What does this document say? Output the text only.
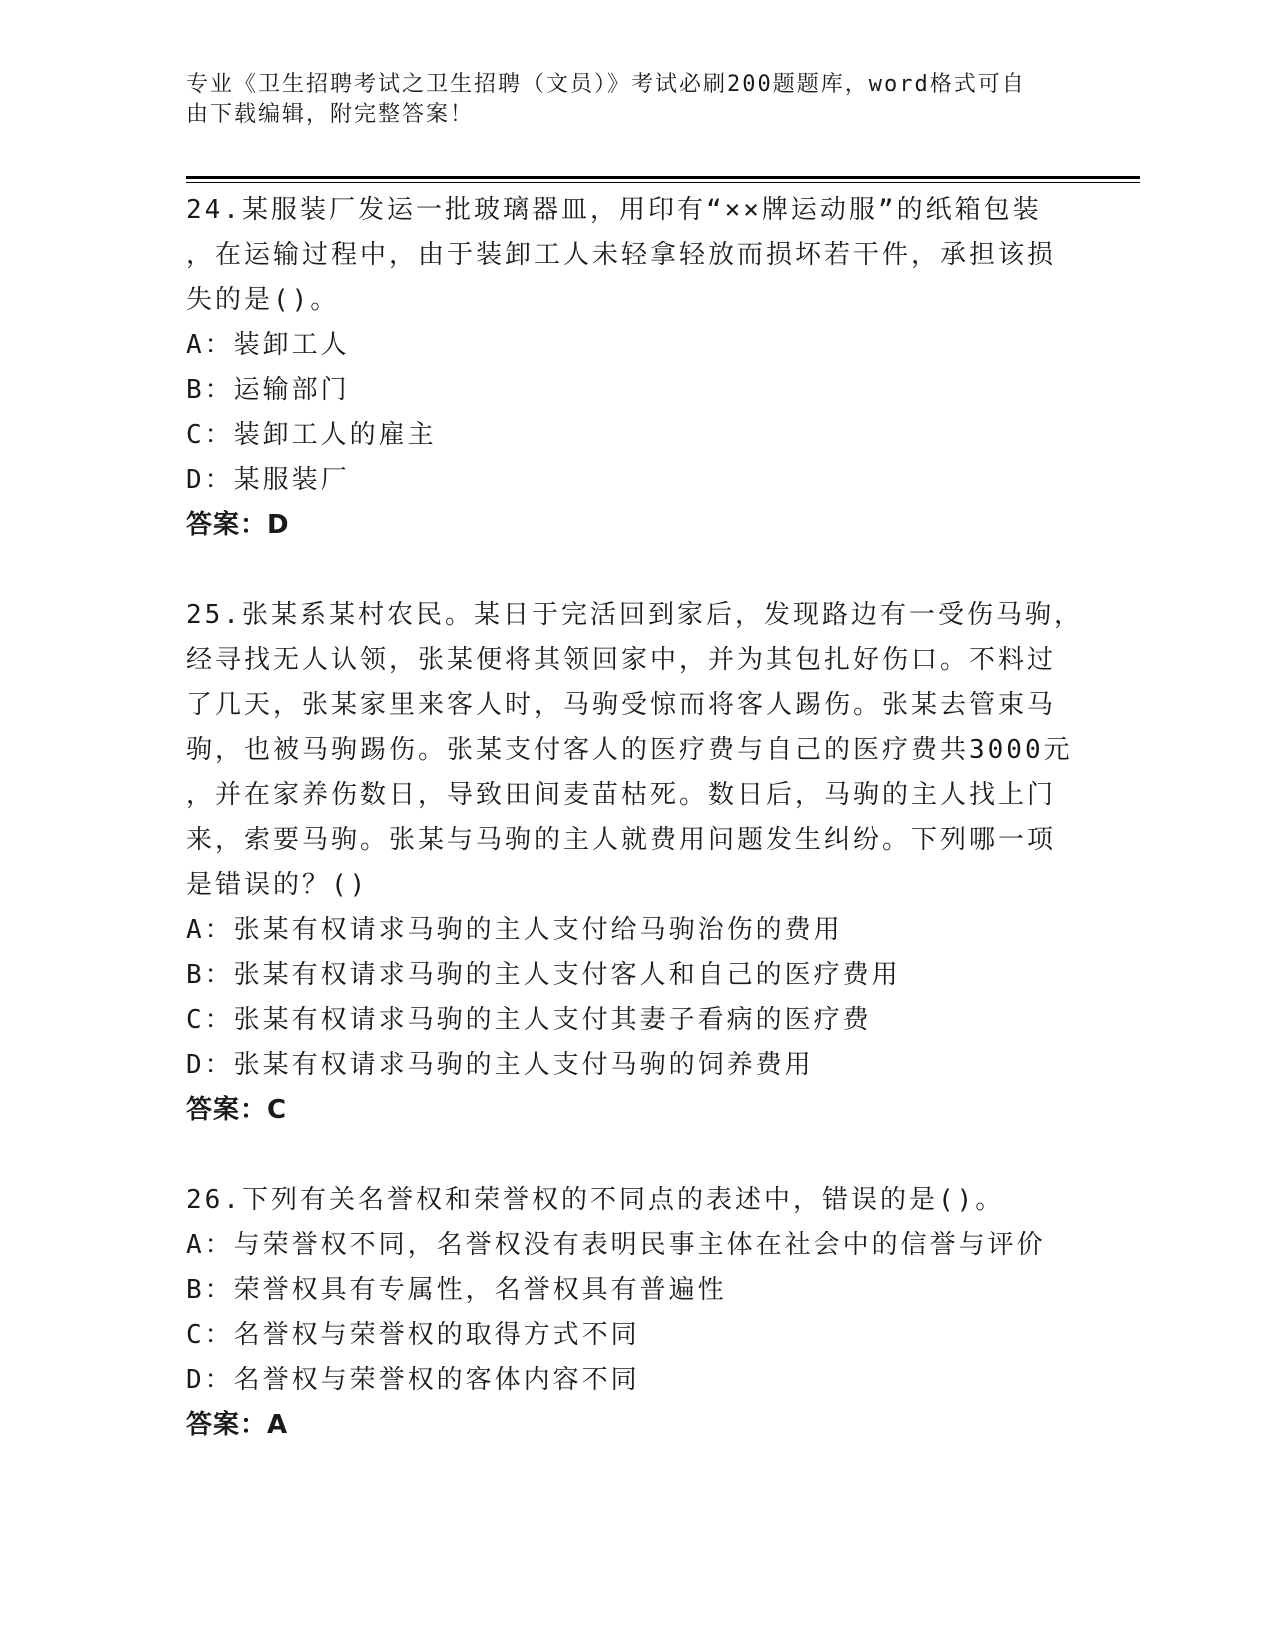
专业《卫生招聘考试之卫生招聘（文员）》考试必刷200题题库，word格式可自
由下载编辑，附完整答案！
24.某服装厂发运一批玻璃器皿，用印有“××牌运动服”的纸箱包装
，在运输过程中，由于装卸工人未轻拿轻放而损坏若干件，承担该损
失的是()。
A：装卸工人
B：运输部门
C：装卸工人的雇主
D：某服装厂
答案：D
25.张某系某村农民。某日于完活回到家后，发现路边有一受伤马驹，
经寻找无人认领，张某便将其领回家中，并为其包扎好伤口。不料过
了几天，张某家里来客人时，马驹受惊而将客人踢伤。张某去管束马
驹，也被马驹踢伤。张某支付客人的医疗费与自己的医疗费共3000元
，并在家养伤数日，导致田间麦苗枯死。数日后，马驹的主人找上门
来，索要马驹。张某与马驹的主人就费用问题发生纠纷。下列哪一项
是错误的？()
A：张某有权请求马驹的主人支付给马驹治伤的费用
B：张某有权请求马驹的主人支付客人和自己的医疗费用
C：张某有权请求马驹的主人支付其妻子看病的医疗费
D：张某有权请求马驹的主人支付马驹的饲养费用
答案：C
26.下列有关名誉权和荣誉权的不同点的表述中，错误的是()。
A：与荣誉权不同，名誉权没有表明民事主体在社会中的信誉与评价
B：荣誉权具有专属性，名誉权具有普遍性
C：名誉权与荣誉权的取得方式不同
D：名誉权与荣誉权的客体内容不同
答案：A
